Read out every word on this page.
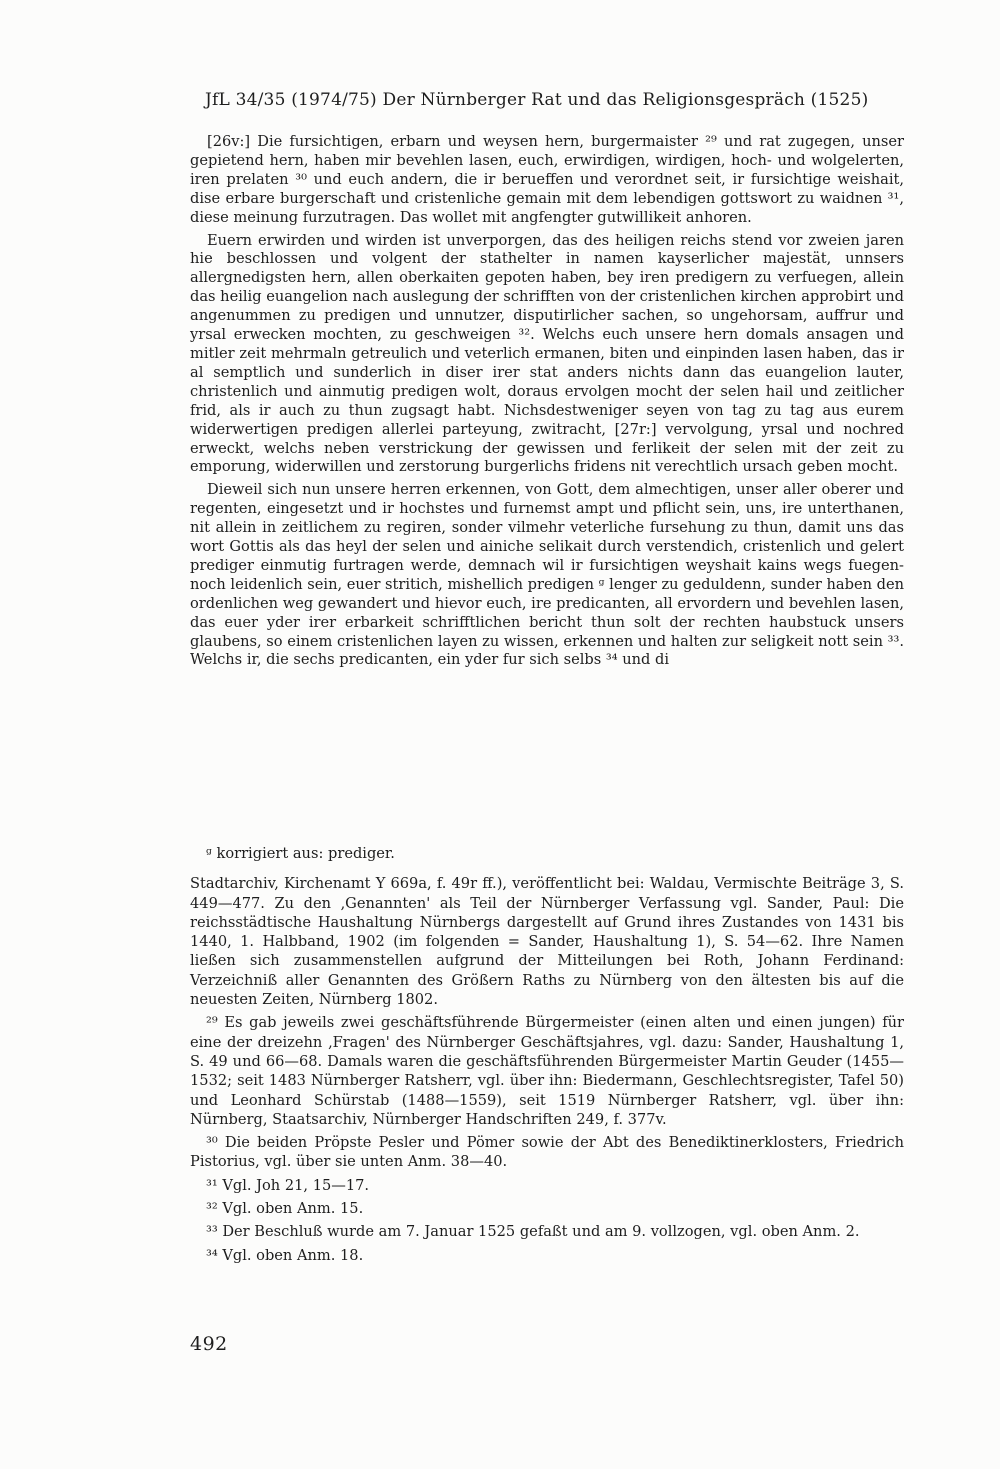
JfL 34/35 (1974/75) Der Nürnberger Rat und das Religionsgespräch (1525)

[26v:] Die fursichtigen, erbarn und weysen hern, burgermaister ²⁹ und rat zugegen, unser gepietend hern, haben mir bevehlen lasen, euch, erwirdigen, wirdigen, hoch- und wolgelerten, iren prelaten ³⁰ und euch andern, die ir berueffen und verordnet seit, ir fursichtige weishait, dise erbare burgerschaft und cristenliche gemain mit dem lebendigen gottswort zu waidnen ³¹, diese meinung furzutragen. Das wollet mit angfengter gutwillikeit anhoren.

Euern erwirden und wirden ist unverporgen, das des heiligen reichs stend vor zweien jaren hie beschlossen und volgent der stathelter in namen kayserlicher majestät, unnsers allergnedigsten hern, allen oberkaiten gepoten haben, bey iren predigern zu verfuegen, allein das heilig euangelion nach auslegung der schrifften von der cristenlichen kirchen approbirt und angenummen zu predigen und unnutzer, disputirlicher sachen, so ungehorsam, auffrur und yrsal erwecken mochten, zu geschweigen ³². Welchs euch unsere hern domals ansagen und mitler zeit mehrmaln getreulich und veterlich ermanen, biten und einpinden lasen haben, das ir al semptlich und sunderlich in diser irer stat anders nichts dann das euangelion lauter, christenlich und ainmutig predigen wolt, doraus ervolgen mocht der selen hail und zeitlicher frid, als ir auch zu thun zugsagt habt. Nichsdestweniger seyen von tag zu tag aus eurem widerwertigen predigen allerlei parteyung, zwitracht, [27r:] vervolgung, yrsal und nochred erweckt, welchs neben verstrickung der gewissen und ferlikeit der selen mit der zeit zu emporung, widerwillen und zerstorung burgerlichs fridens nit verechtlich ursach geben mocht.

Dieweil sich nun unsere herren erkennen, von Gott, dem almechtigen, unser aller oberer und regenten, eingesetzt und ir hochstes und furnemst ampt und pflicht sein, uns, ire unterthanen, nit allein in zeitlichem zu regiren, sonder vilmehr veterliche fursehung zu thun, damit uns das wort Gottis als das heyl der selen und ainiche selikait durch verstendich, cristenlich und gelert prediger einmutig furtragen werde, demnach wil ir fursichtigen weyshait kains wegs fuegen- noch leidenlich sein, euer stritich, mishellich predigen ᵍ lenger zu geduldenn, sunder haben den ordenlichen weg gewandert und hievor euch, ire predicanten, all ervordern und bevehlen lasen, das euer yder irer erbarkeit schrifftlichen bericht thun solt der rechten haubstuck unsers glaubens, so einem cristenlichen layen zu wissen, erkennen und halten zur seligkeit nott sein ³³. Welchs ir, die sechs predicanten, ein yder fur sich selbs ³⁴ und di

ᵍ korrigiert aus: prediger.

Stadtarchiv, Kirchenamt Y 669a, f. 49r ff.), veröffentlicht bei: Waldau, Vermischte Beiträge 3, S. 449—477. Zu den ‚Genannten' als Teil der Nürnberger Verfassung vgl. Sander, Paul: Die reichsstädtische Haushaltung Nürnbergs dargestellt auf Grund ihres Zustandes von 1431 bis 1440, 1. Halbband, 1902 (im folgenden = Sander, Haushaltung 1), S. 54—62. Ihre Namen ließen sich zusammenstellen aufgrund der Mitteilungen bei Roth, Johann Ferdinand: Verzeichniß aller Genannten des Größern Raths zu Nürnberg von den ältesten bis auf die neuesten Zeiten, Nürnberg 1802.

²⁹ Es gab jeweils zwei geschäftsführende Bürgermeister (einen alten und einen jungen) für eine der dreizehn ‚Fragen' des Nürnberger Geschäftsjahres, vgl. dazu: Sander, Haushaltung 1, S. 49 und 66—68. Damals waren die geschäftsführenden Bürgermeister Martin Geuder (1455—1532; seit 1483 Nürnberger Ratsherr, vgl. über ihn: Biedermann, Geschlechtsregister, Tafel 50) und Leonhard Schürstab (1488—1559), seit 1519 Nürnberger Ratsherr, vgl. über ihn: Nürnberg, Staatsarchiv, Nürnberger Handschriften 249, f. 377v.

³⁰ Die beiden Pröpste Pesler und Pömer sowie der Abt des Benediktinerklosters, Friedrich Pistorius, vgl. über sie unten Anm. 38—40.

³¹ Vgl. Joh 21, 15—17.

³² Vgl. oben Anm. 15.

³³ Der Beschluß wurde am 7. Januar 1525 gefaßt und am 9. vollzogen, vgl. oben Anm. 2.

³⁴ Vgl. oben Anm. 18.

492
